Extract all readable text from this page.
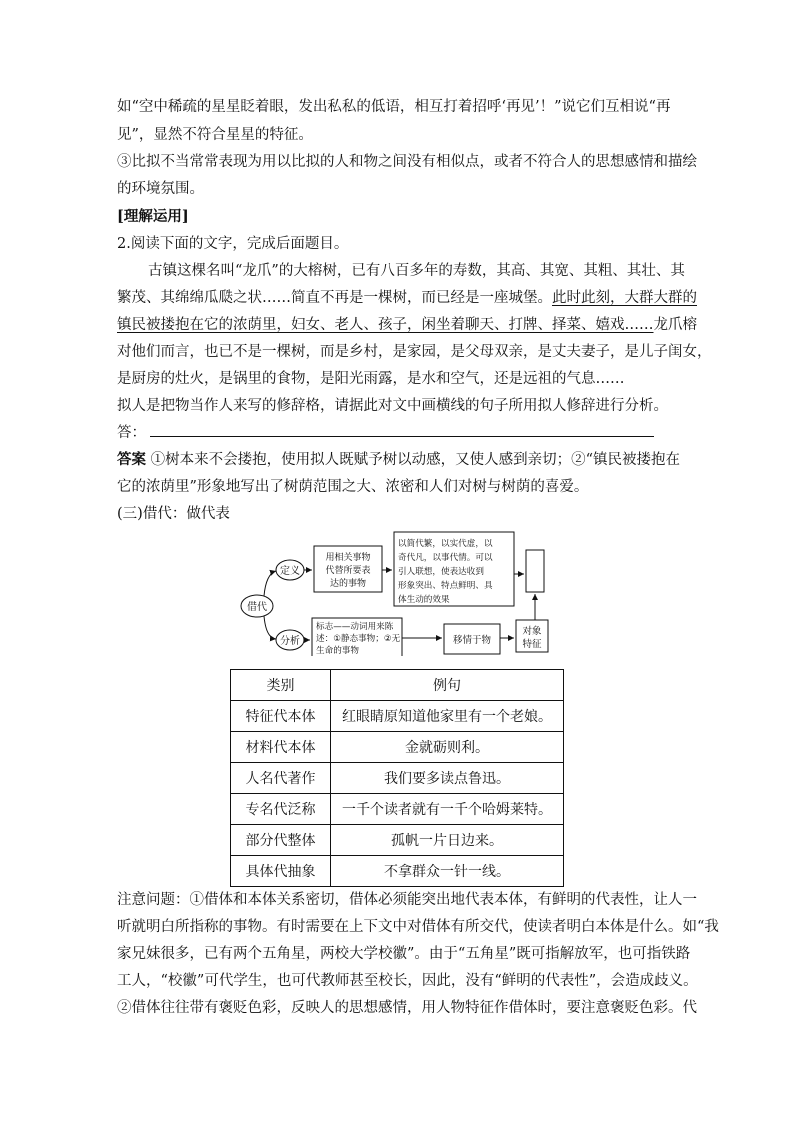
如“空中稀疏的星星眨着眼，发出私私的低语，相互打着招呼‘再见’！”说它们互相说“再
见”，显然不符合星星的特征。
③比拟不当常常表现为用以比拟的人和物之间没有相似点，或者不符合人的思想感情和描绘
的环境氛围。
[理解运用]
2.阅读下面的文字，完成后面题目。
古镇这棵名叫“龙爪”的大榕树，已有八百多年的寿数，其高、其宽、其粗、其壮、其
繁茂、其绵绵瓜瓞之状……简直不再是一棵树，而已经是一座城堡。此时此刻，大群大群的
镇民被搂抱在它的浓荫里，妇女、老人、孩子，闲坐着聊天、打牌、择菜、嬉戏……龙爪榕
对他们而言，也已不是一棵树，而是乡村，是家园，是父母双亲，是丈夫妻子，是儿子闺女，
是厨房的灶火，是锅里的食物，是阳光雨露，是水和空气，还是远祖的气息……
拟人是把物当作人来写的修辞格，请据此对文中画横线的句子所用拟人修辞进行分析。
答：
答案 ①树本来不会搂抱，使用拟人既赋予树以动感，又使人感到亲切；②“镇民被搂抱在
它的浓荫里”形象地写出了树荫范围之大、浓密和人们对树与树荫的喜爱。
(三)借代：做代表
借代
定义
分析
用相关事物
代替所要表
达的事物
以简代繁，以实代虚，以
奇代凡，以事代情。可以
引人联想，使表达收到
形象突出、特点鲜明、具
体生动的效果
标志——动词用来陈
述：①静态事物；②无
生命的事物
移情于物
对象
特征
类别	例句
特征代本体	红眼睛原知道他家里有一个老娘。
材料代本体	金就砺则利。
人名代著作	我们要多读点鲁迅。
专名代泛称	一千个读者就有一千个哈姆莱特。
部分代整体	孤帆一片日边来。
具体代抽象	不拿群众一针一线。
注意问题：①借体和本体关系密切，借体必须能突出地代表本体，有鲜明的代表性，让人一
听就明白所指称的事物。有时需要在上下文中对借体有所交代，使读者明白本体是什么。如“我
家兄妹很多，已有两个五角星，两校大学校徽”。由于“五角星”既可指解放军，也可指铁路
工人，“校徽”可代学生，也可代教师甚至校长，因此，没有“鲜明的代表性”，会造成歧义。
②借体往往带有褒贬色彩，反映人的思想感情，用人物特征作借体时，要注意褒贬色彩。代
